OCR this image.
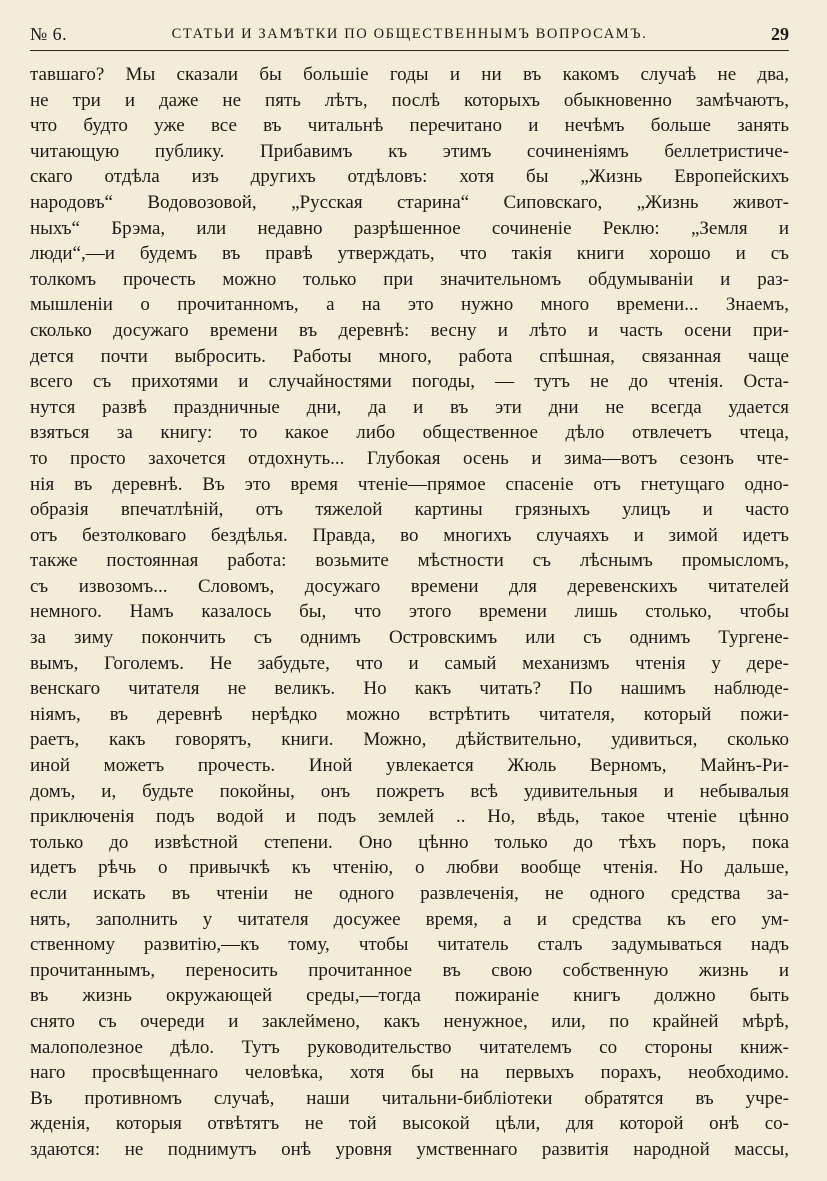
№ 6.	СТАТЬИ И ЗАМѢТКИ ПО ОБЩЕСТВЕННЫМЪ ВОПРОСАМЪ.	29
тавшаго? Мы сказали бы большіе годы и ни въ какомъ случаѣ не два,
не три и даже не пять лѣтъ, послѣ которыхъ обыкновенно замѣчаютъ,
что будто уже все въ читальнѣ перечитано и нечѣмъ больше занять
читающую публику. Прибавимъ къ этимъ сочиненіямъ беллетристиче-
скаго отдѣла изъ другихъ отдѣловъ: хотя бы „Жизнь Европейскихъ
народовъ“ Водовозовой, „Русская старина“ Сиповскаго, „Жизнь живот-
ныхъ“ Брэма, или недавно разрѣшенное сочиненіе Реклю: „Земля и
люди“,—и будемъ въ правѣ утверждать, что такія книги хорошо и съ
толкомъ прочесть можно только при значительномъ обдумываніи и раз-
мышленіи о прочитанномъ, а на это нужно много времени... Знаемъ,
сколько досужаго времени въ деревнѣ: весну и лѣто и часть осени при-
дется почти выбросить. Работы много, работа спѣшная, связанная чаще
всего съ прихотями и случайностями погоды, — тутъ не до чтенія. Оста-
нутся развѣ праздничные дни, да и въ эти дни не всегда удается
взяться за книгу: то какое либо общественное дѣло отвлечетъ чтеца,
то просто захочется отдохнуть... Глубокая осень и зима—вотъ сезонъ чте-
нія въ деревнѣ. Въ это время чтеніе—прямое спасеніе отъ гнетущаго одно-
образія впечатлѣній, отъ тяжелой картины грязныхъ улицъ и часто
отъ безтолковаго бездѣлья. Правда, во многихъ случаяхъ и зимой идетъ
также постоянная работа: возьмите мѣстности съ лѣснымъ промысломъ,
съ извозомъ... Словомъ, досужаго времени для деревенскихъ читателей
немного. Намъ казалось бы, что этого времени лишь столько, чтобы
за зиму покончить съ однимъ Островскимъ или съ однимъ Тургене-
вымъ, Гоголемъ. Не забудьте, что и самый механизмъ чтенія у дере-
венскаго читателя не великъ. Но какъ читать? По нашимъ наблюде-
ніямъ, въ деревнѣ нерѣдко можно встрѣтить читателя, который пожи-
раетъ, какъ говорятъ, книги. Можно, дѣйствительно, удивиться, сколько
иной можетъ прочесть. Иной увлекается Жюль Верномъ, Майнъ-Ри-
домъ, и, будьте покойны, онъ пожретъ всѣ удивительныя и небывалыя
приключенія подъ водой и подъ землей .. Но, вѣдь, такое чтеніе цѣнно
только до извѣстной степени. Оно цѣнно только до тѣхъ поръ, пока
идетъ рѣчь о привычкѣ къ чтенію, о любви вообще чтенія. Но дальше,
если искать въ чтеніи не одного развлеченія, не одного средства за-
нять, заполнить у читателя досужее время, а и средства къ его ум-
ственному развитію,—къ тому, чтобы читатель сталъ задумываться надъ
прочитаннымъ, переносить прочитанное въ свою собственную жизнь и
въ жизнь окружающей среды,—тогда пожираніе книгъ должно быть
снято съ очереди и заклеймено, какъ ненужное, или, по крайней мѣрѣ,
малополезное дѣло. Тутъ руководительство читателемъ со стороны книж-
наго просвѣщеннаго человѣка, хотя бы на первыхъ порахъ, необходимо.
Въ противномъ случаѣ, наши читальни-библіотеки обратятся въ учре-
жденія, которыя отвѣтятъ не той высокой цѣли, для которой онѣ со-
здаются: не поднимутъ онѣ уровня умственнаго развитія народной массы,
